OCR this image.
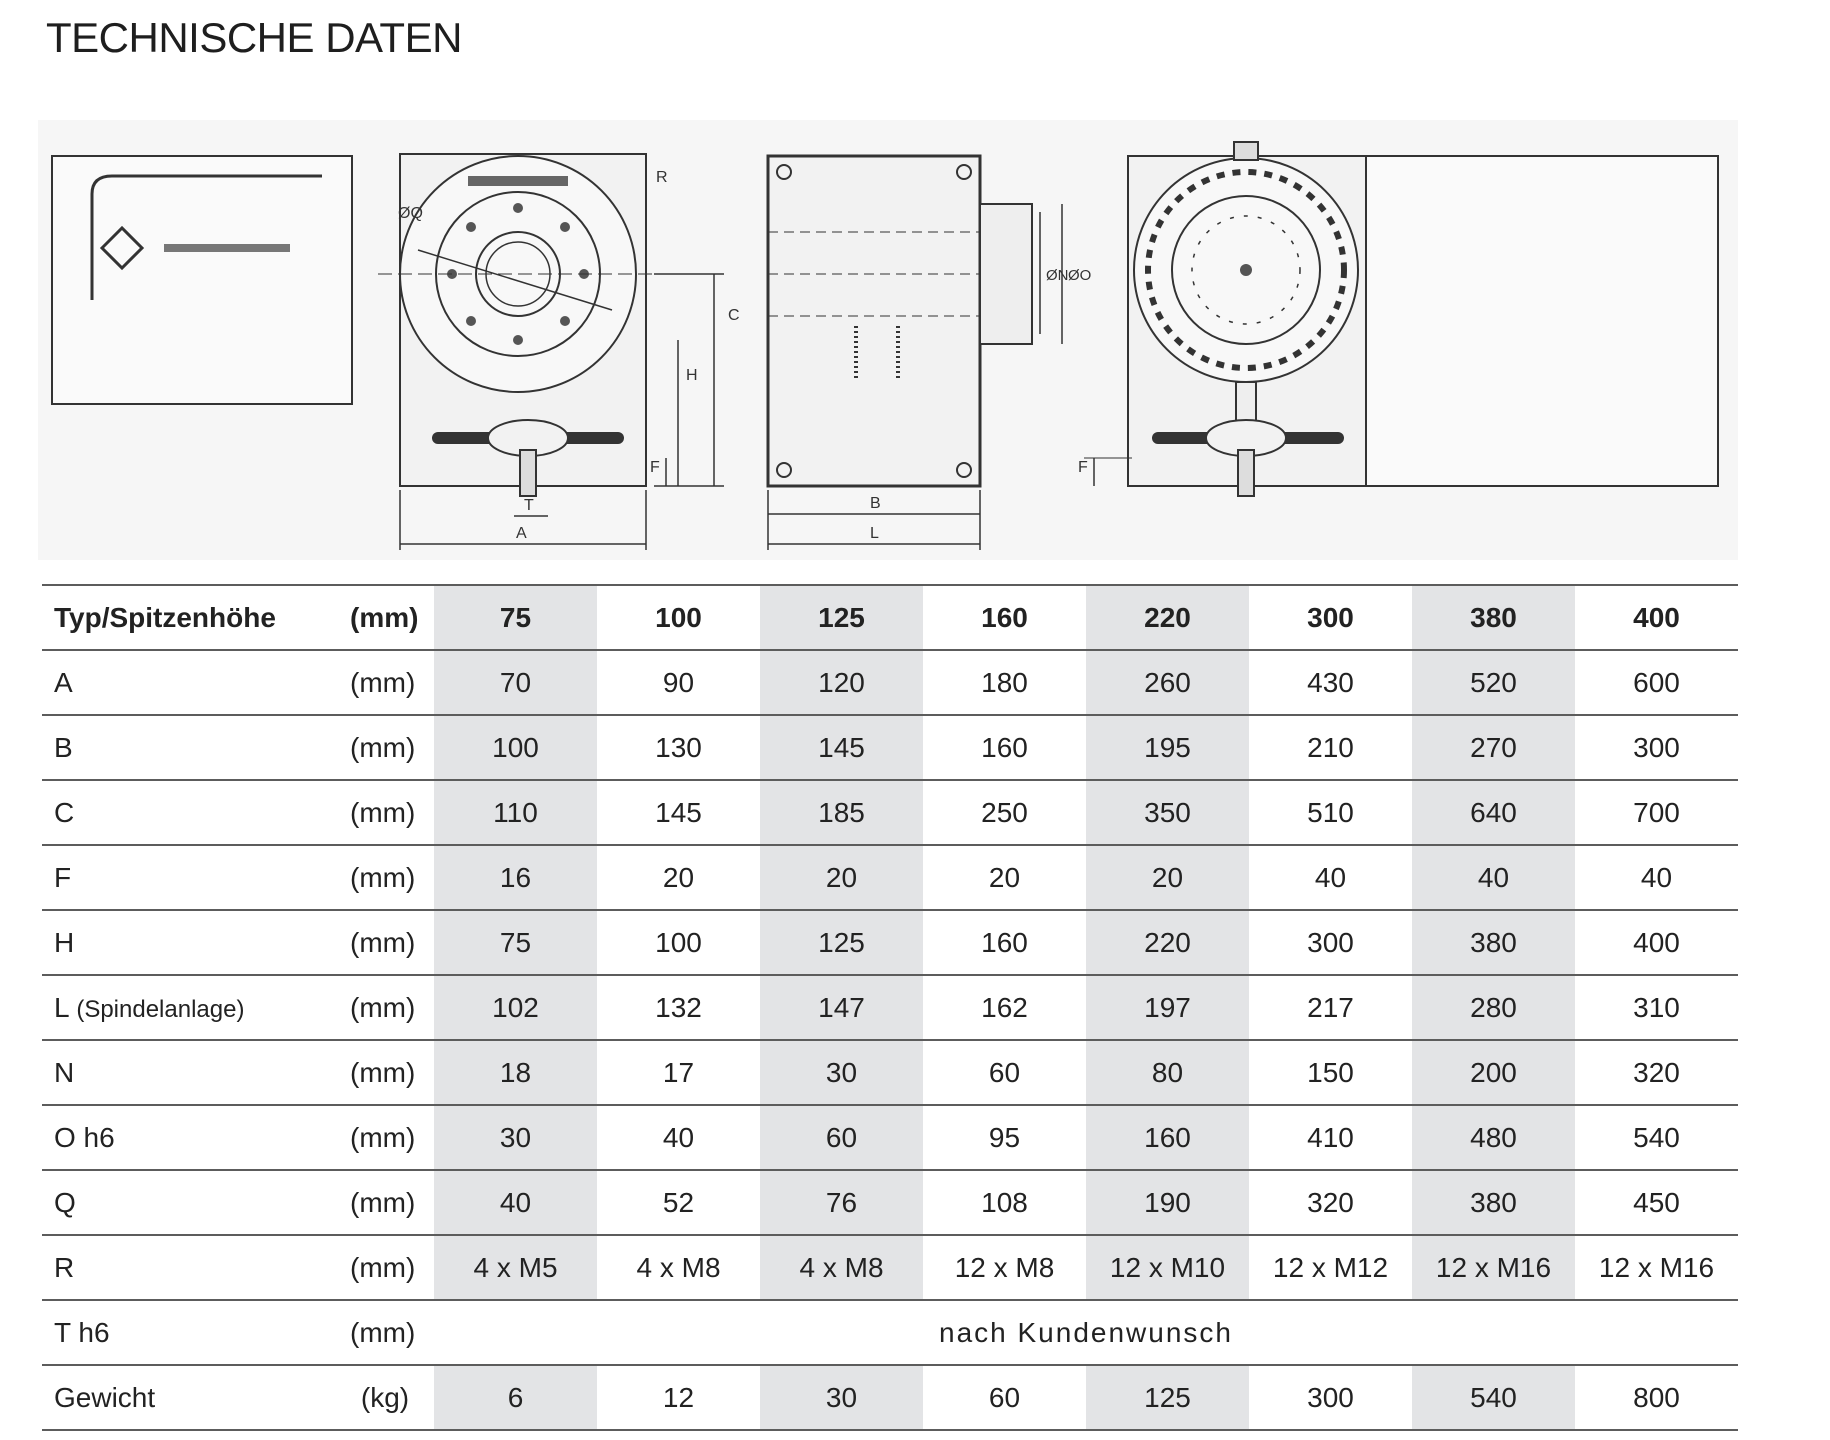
TECHNISCHE DATEN
ØQ
R
C
H
F
A
T
ØN ØO
B
L
F
Typ/Spitzenhöhe	(mm)	75	100	125	160	220	300	380	400
A	(mm)	70	90	120	180	260	430	520	600
B	(mm)	100	130	145	160	195	210	270	300
C	(mm)	110	145	185	250	350	510	640	700
F	(mm)	16	20	20	20	20	40	40	40
H	(mm)	75	100	125	160	220	300	380	400
L (Spindelanlage)	(mm)	102	132	147	162	197	217	280	310
N	(mm)	18	17	30	60	80	150	200	320
O h6	(mm)	30	40	60	95	160	410	480	540
Q	(mm)	40	52	76	108	190	320	380	450
R	(mm)	4 x M5	4 x M8	4 x M8	12 x M8	12 x M10	12 x M12	12 x M16	12 x M16
T h6	(mm)	nach Kundenwunsch							
Gewicht	(kg)	6	12	30	60	125	300	540	800
